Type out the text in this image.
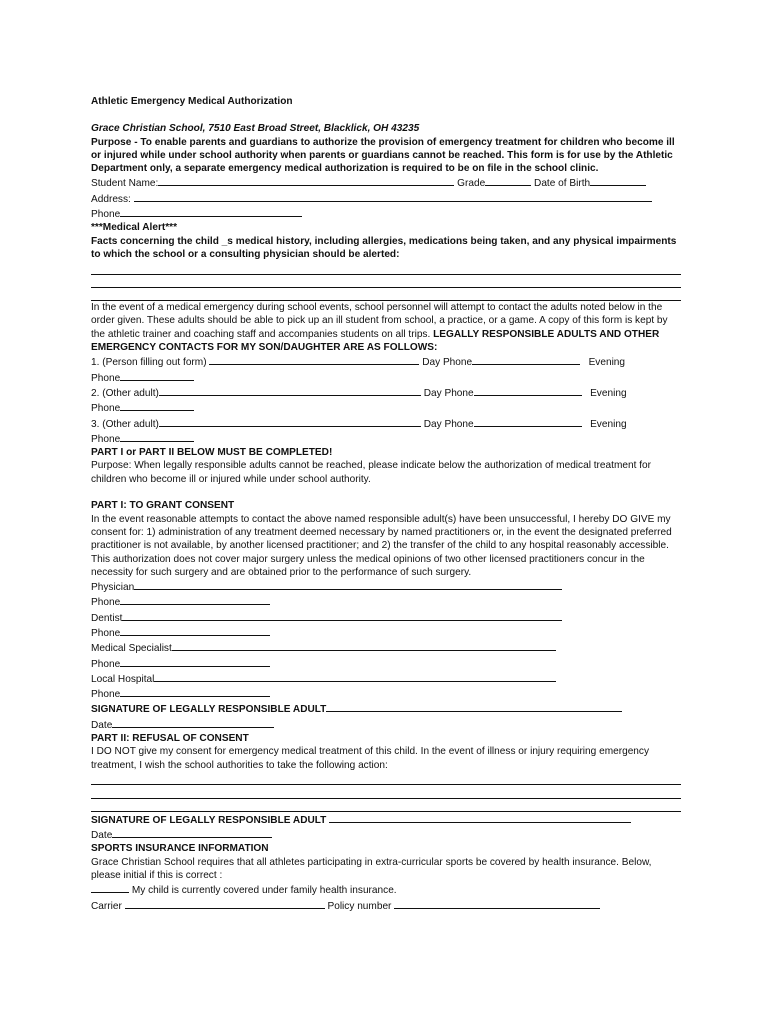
Athletic Emergency Medical Authorization

Grace Christian School, 7510 East Broad Street, Blacklick, OH 43235

Purpose - To enable parents and guardians to authorize the provision of emergency treatment for children who become ill or injured while under school authority when parents or guardians cannot be reached. This form is for use by the Athletic Department only, a separate emergency medical authorization is required to be on file in the school clinic.

Student Name:	Grade	Date of Birth

Address:

Phone

***Medical Alert***

Facts concerning the child _s medical history, including allergies, medications being taken, and any physical impairments to which the school or a consulting physician should be alerted:

In the event of a medical emergency during school events, school personnel will attempt to contact the adults noted below in the order given. These adults should be able to pick up an ill student from school, a practice, or a game. A copy of this form is kept by the athletic trainer and coaching staff and accompanies students on all trips. LEGALLY RESPONSIBLE ADULTS AND OTHER EMERGENCY CONTACTS FOR MY SON/DAUGHTER ARE AS FOLLOWS:

1. (Person filling out form)	Day Phone	Evening

Phone

2. (Other adult)	Day Phone	Evening

Phone

3. (Other adult)	Day Phone	Evening

Phone

PART I or PART II BELOW MUST BE COMPLETED!

Purpose: When legally responsible adults cannot be reached, please indicate below the authorization of medical treatment for children who become ill or injured while under school authority.

PART I: TO GRANT CONSENT

In the event reasonable attempts to contact the above named responsible adult(s) have been unsuccessful, I hereby DO GIVE my consent for: 1) administration of any treatment deemed necessary by named practitioners or, in the event the designated preferred practitioner is not available, by another licensed practitioner; and 2) the transfer of the child to any hospital reasonably accessible. This authorization does not cover major surgery unless the medical opinions of two other licensed practitioners concur in the necessity for such surgery and are obtained prior to the performance of such surgery.

Physician

Phone

Dentist

Phone

Medical Specialist

Phone

Local Hospital

Phone

SIGNATURE OF LEGALLY RESPONSIBLE ADULT

Date

PART II: REFUSAL OF CONSENT

I DO NOT give my consent for emergency medical treatment of this child. In the event of illness or injury requiring emergency treatment, I wish the school authorities to take the following action:

SIGNATURE OF LEGALLY RESPONSIBLE ADULT

Date

SPORTS INSURANCE INFORMATION

Grace Christian School requires that all athletes participating in extra-curricular sports be covered by health insurance. Below, please initial if this is correct :

My child is currently covered under family health insurance.

Carrier	Policy number
